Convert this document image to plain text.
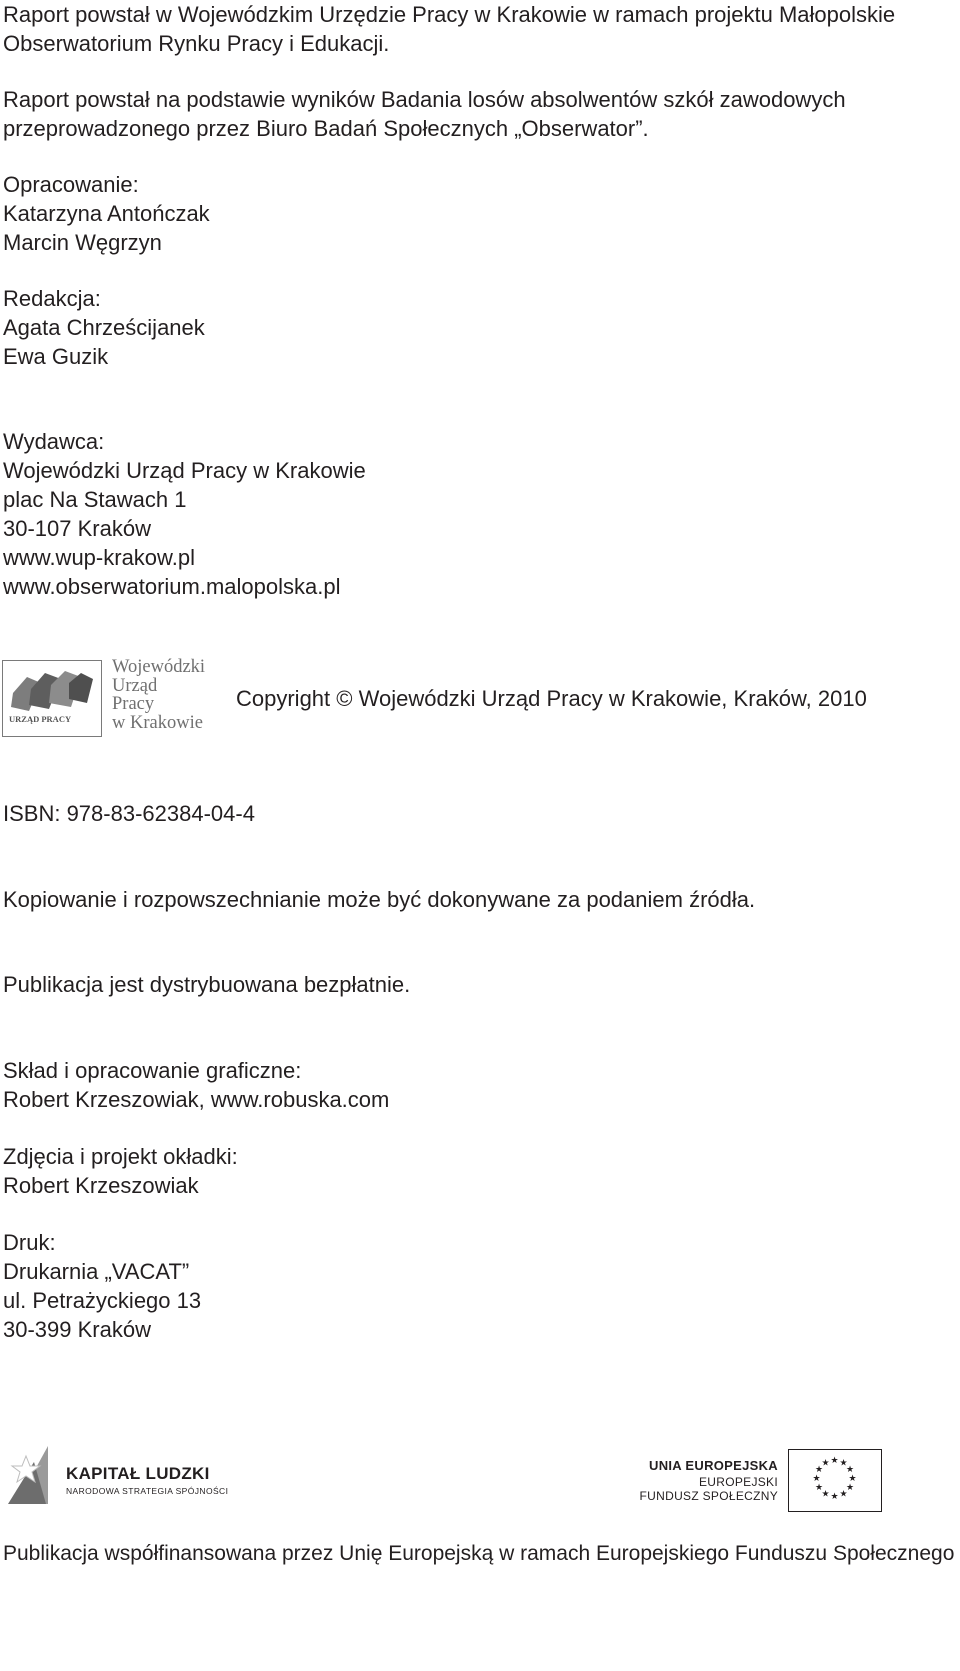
Raport powstał w Wojewódzkim Urzędzie Pracy w Krakowie w ramach projektu Małopolskie
Obserwatorium Rynku Pracy i Edukacji.
Raport powstał na podstawie wyników Badania losów absolwentów szkół zawodowych
przeprowadzonego przez Biuro Badań Społecznych „Obserwator”.
Opracowanie:
Katarzyna Antończak
Marcin Węgrzyn
Redakcja:
Agata Chrześcijanek
Ewa Guzik
Wydawca:
Wojewódzki Urząd Pracy w Krakowie
plac Na Stawach 1
30-107 Kraków
www.wup-krakow.pl
www.obserwatorium.malopolska.pl
URZĄD PRACY
Wojewódzki
Urząd
Pracy
w Krakowie
Copyright © Wojewódzki Urząd Pracy w Krakowie, Kraków, 2010
ISBN: 978-83-62384-04-4
Kopiowanie i rozpowszechnianie może być dokonywane za podaniem źródła.
Publikacja jest dystrybuowana bezpłatnie.
Skład i opracowanie graficzne:
Robert Krzeszowiak, www.robuska.com
Zdjęcia i projekt okładki:
Robert Krzeszowiak
Druk:
Drukarnia „VACAT”
ul. Petrażyckiego 13
30-399 Kraków
KAPITAŁ LUDZKI
NARODOWA STRATEGIA SPÓJNOŚCI
UNIA EUROPEJSKA
EUROPEJSKI
FUNDUSZ SPOŁECZNY
★ ★
★
★
★
★
★
★
★
★
★
★
Publikacja współfinansowana przez Unię Europejską w ramach Europejskiego Funduszu Społecznego
